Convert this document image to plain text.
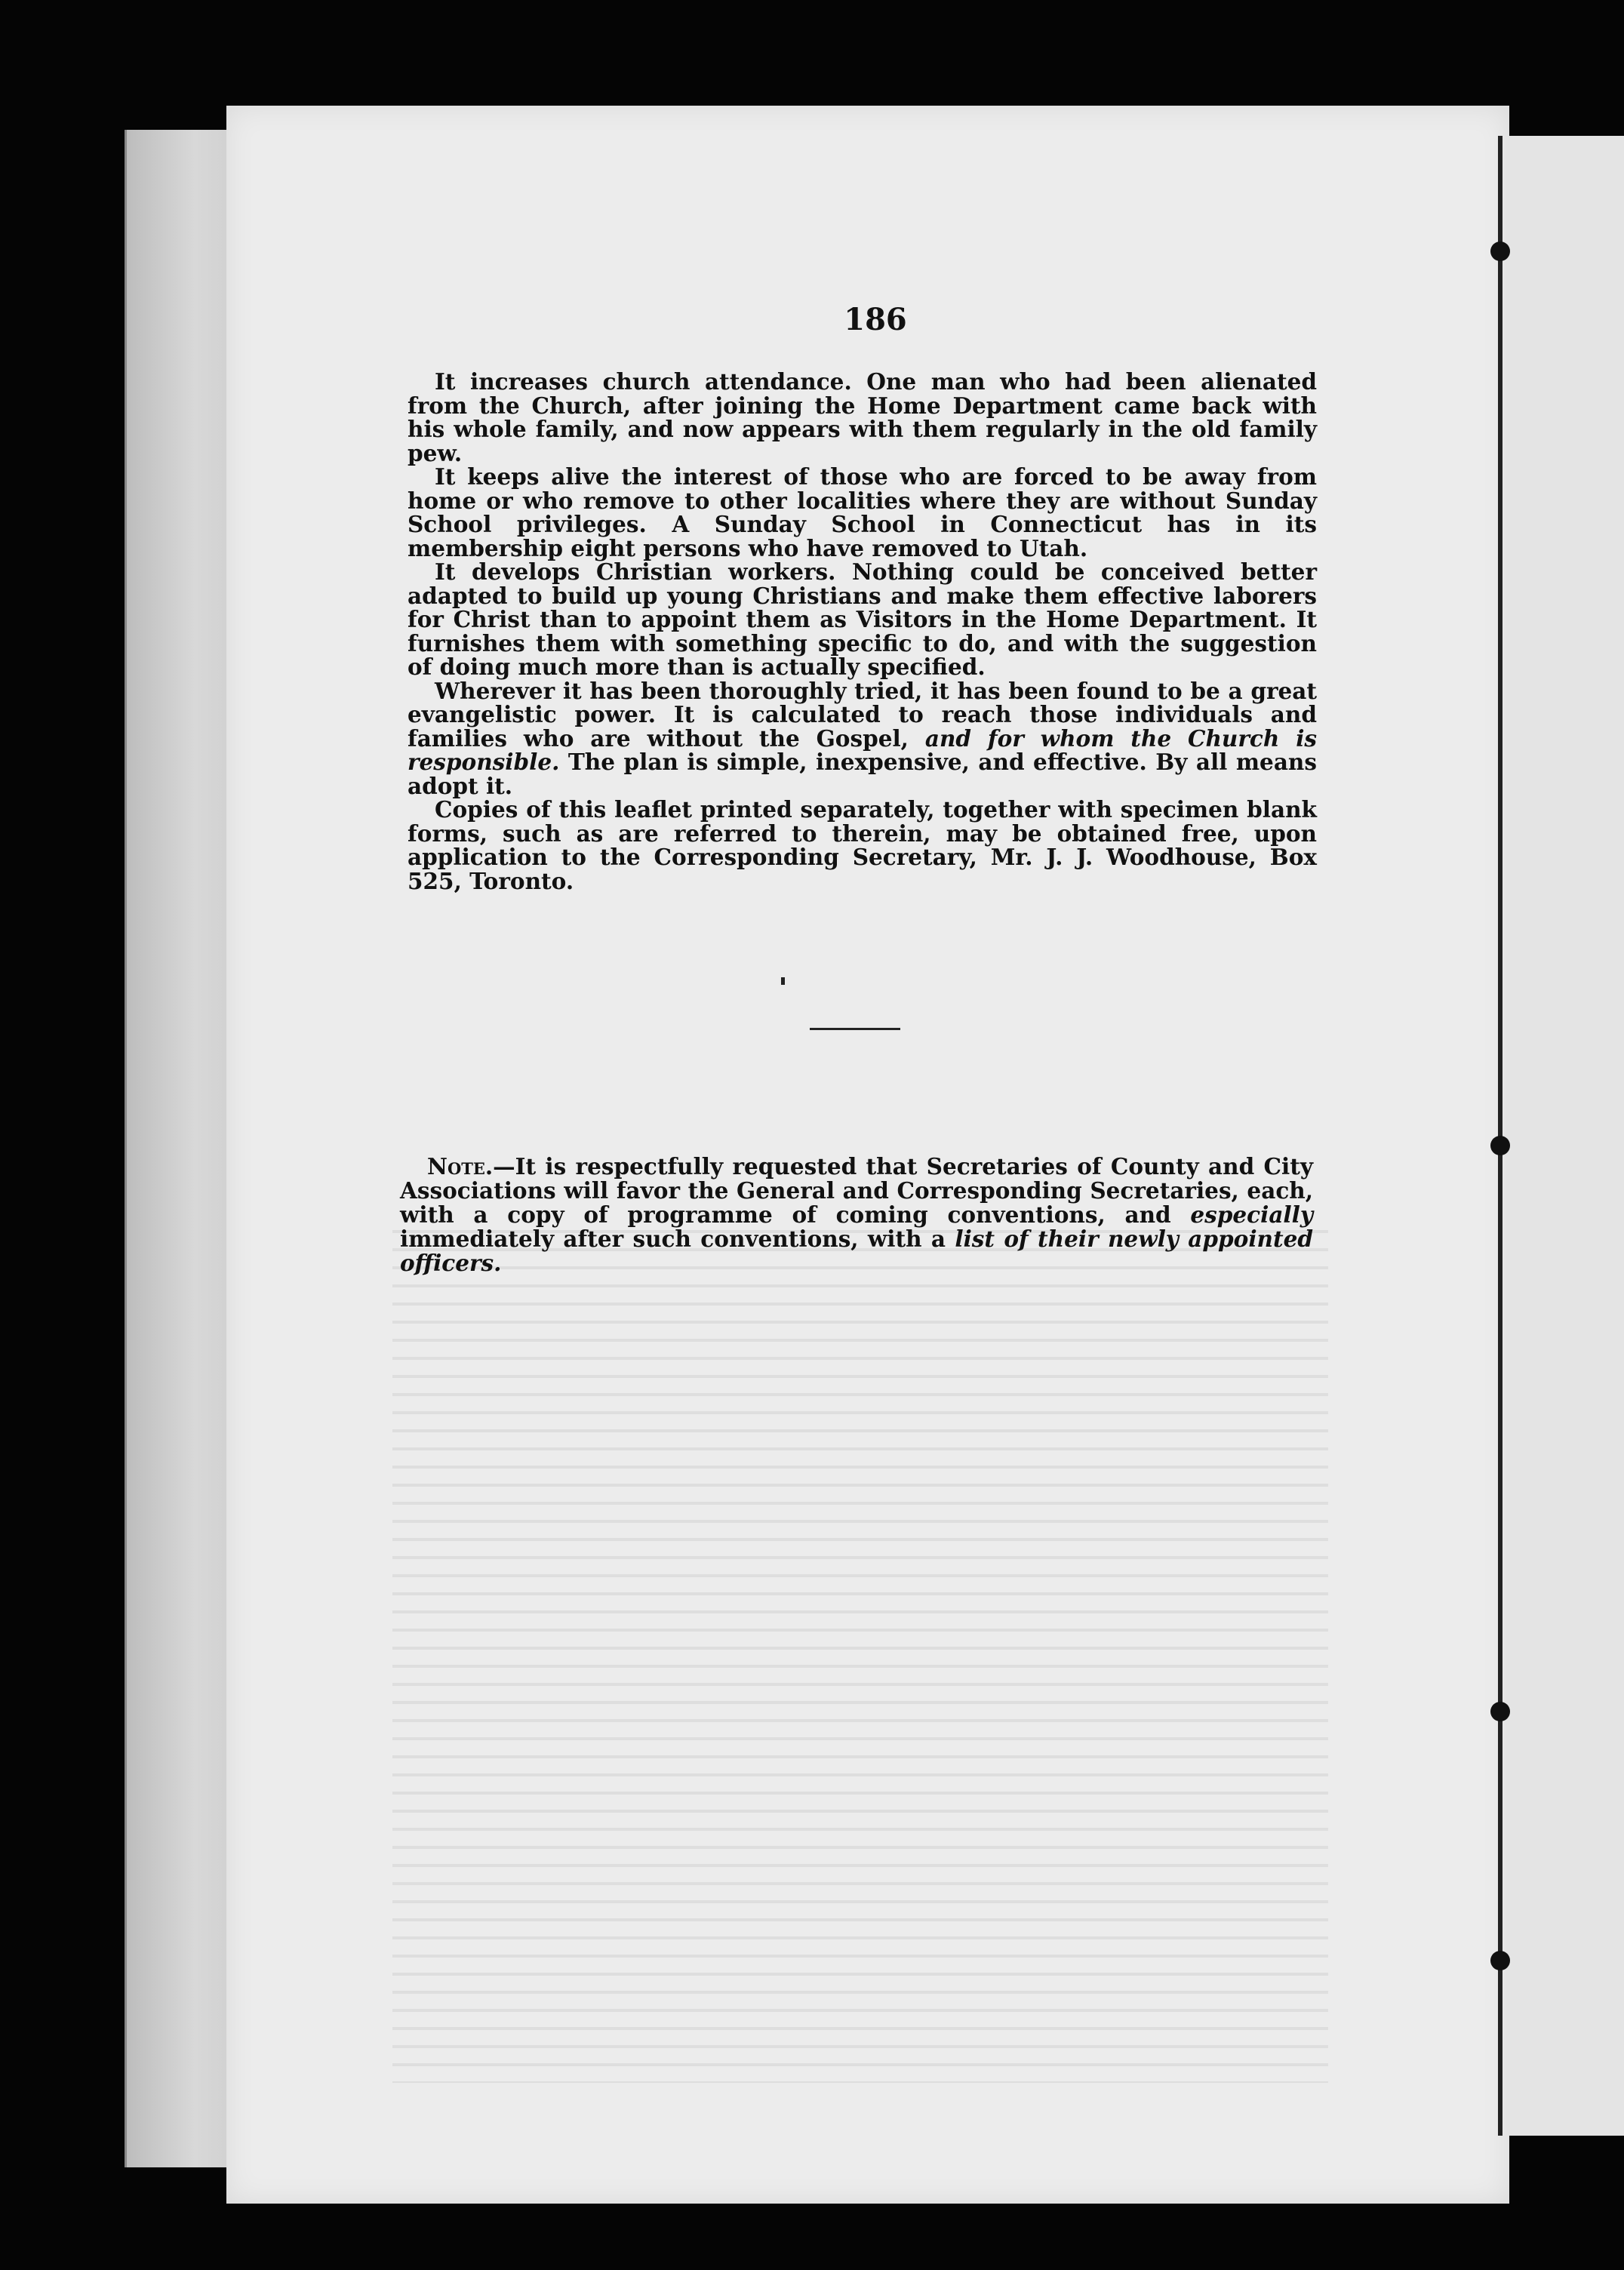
186

It increases church attendance. One man who had been alienated from the Church, after joining the Home Department came back with his whole family, and now appears with them regularly in the old family pew.

It keeps alive the interest of those who are forced to be away from home or who remove to other localities where they are without Sunday School privileges. A Sunday School in Connecticut has in its membership eight persons who have removed to Utah.

It develops Christian workers. Nothing could be conceived better adapted to build up young Christians and make them effective laborers for Christ than to appoint them as Visitors in the Home Department. It furnishes them with something specific to do, and with the suggestion of doing much more than is actually specified.

Wherever it has been thoroughly tried, it has been found to be a great evangelistic power. It is calculated to reach those individuals and families who are without the Gospel, and for whom the Church is responsible. The plan is simple, inexpensive, and effective. By all means adopt it.

Copies of this leaflet printed separately, together with specimen blank forms, such as are referred to therein, may be obtained free, upon application to the Corresponding Secretary, Mr. J. J. Woodhouse, Box 525, Toronto.

Note.—It is respectfully requested that Secretaries of County and City Associations will favor the General and Corresponding Secretaries, each, with a copy of programme of coming conventions, and especially immediately after such conventions, with a list of their newly appointed officers.
